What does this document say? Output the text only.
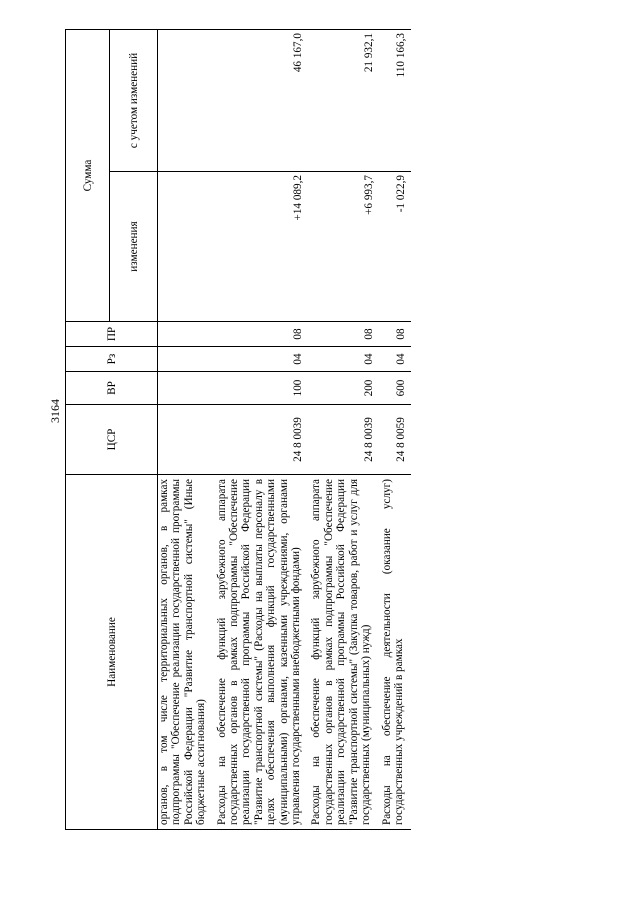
3164
Наименование	ЦСР	ВР	Рз	ПР	Сумма	
					изменения	с учетом изменений
органов, в том числе территориальных органов, в рамках подпрограммы "Обеспечение реализации государственной программы Российской Федерации "Развитие транспортной системы" (Иные бюджетные ассигнования)						
Расходы на обеспечение функций зарубежного аппарата государственных органов в рамках подпрограммы "Обеспечение реализации государственной программы Российской Федерации "Развитие транспортной системы" (Расходы на выплаты персоналу в целях обеспечения выполнения функций государственными (муниципальными) органами, казенными учреждениями, органами управления государственными внебюджетными фондами)	24 8 0039	100	04	08	+14 089,2	46 167,0
Расходы на обеспечение функций зарубежного аппарата государственных органов в рамках подпрограммы "Обеспечение реализации государственной программы Российской Федерации "Развитие транспортной системы" (Закупка товаров, работ и услуг для государственных (муниципальных) нужд)	24 8 0039	200	04	08	+6 993,7	21 932,1
Расходы на обеспечение деятельности (оказание услуг) государственных учреждений в рамках	24 8 0059	600	04	08	-1 022,9	110 166,3
